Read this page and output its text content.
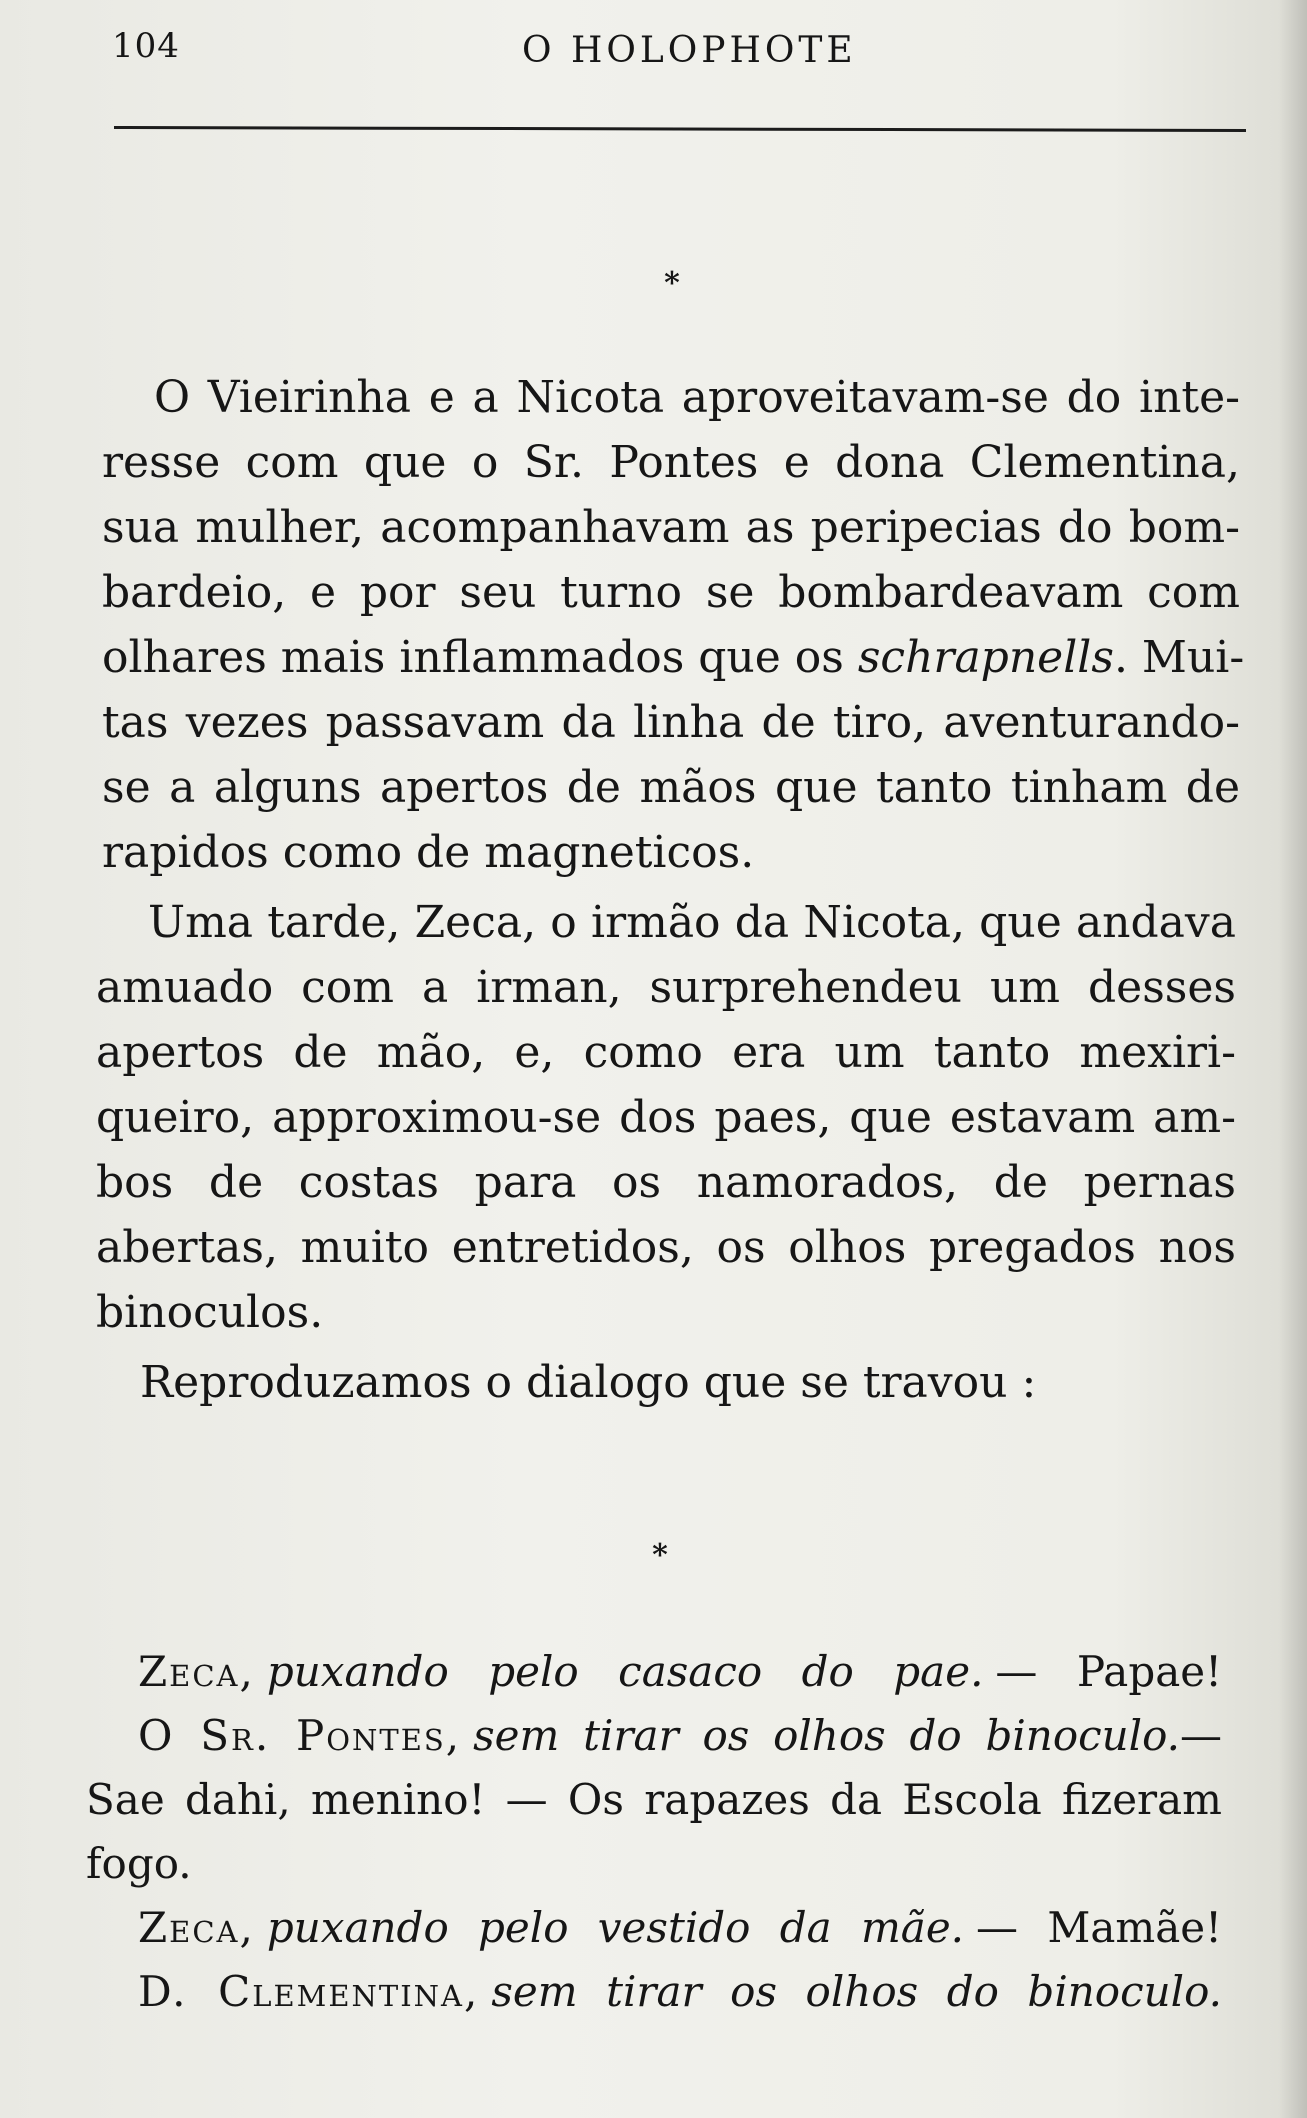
104	O HOLOPHOTE
*
O Vieirinha e a Nicota aproveitavam-se do inte-
resse com que o Sr. Pontes e dona Clementina,
sua mulher, acompanhavam as peripecias do bom-
bardeio, e por seu turno se bombardeavam com
olhares mais inflammados que os schrapnells. Mui-
tas vezes passavam da linha de tiro, aventurando-
se a alguns apertos de mãos que tanto tinham de
rapidos como de magneticos.
Uma tarde, Zeca, o irmão da Nicota, que andava
amuado com a irman, surprehendeu um desses
apertos de mão, e, como era um tanto mexiri-
queiro, approximou-se dos paes, que estavam am-
bos de costas para os namorados, de pernas
abertas, muito entretidos, os olhos pregados nos
binoculos.
Reproduzamos o dialogo que se travou :
*
Zeca, puxando pelo casaco do pae. — Papae!
O Sr. Pontes, sem tirar os olhos do binoculo.—
Sae dahi, menino! — Os rapazes da Escola fizeram
fogo.
Zeca, puxando pelo vestido da mãe. — Mamãe!
D. Clementina, sem tirar os olhos do binoculo.
